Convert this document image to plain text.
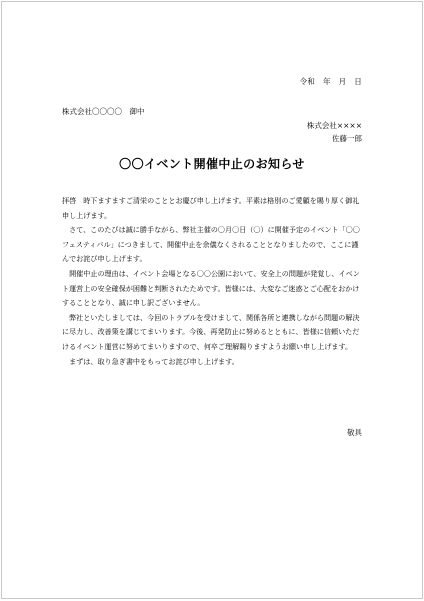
令和　年　月　日
株式会社〇〇〇〇　御中
株式会社××××
佐藤一郎
〇〇イベント開催中止のお知らせ

拝啓　時下ますますご清栄のこととお慶び申し上げます。平素は格別のご愛顧を賜り厚く御礼申し上げます。

さて、このたびは誠に勝手ながら、弊社主催の〇月〇日（〇）に開催予定のイベント「〇〇フェスティバル」につきまして、開催中止を余儀なくされることとなりましたので、ここに謹んでお詫び申し上げます。

開催中止の理由は、イベント会場となる〇〇公園において、安全上の問題が発覚し、イベント運営上の安全確保が困難と判断されたためです。皆様には、大変なご迷惑とご心配をおかけすることとなり、誠に申し訳ございません。

弊社といたしましては、今回のトラブルを受けまして、関係各所と連携しながら問題の解決に尽力し、改善策を講じてまいります。今後、再発防止に努めるとともに、皆様に信頼いただけるイベント運営に努めてまいりますので、何卒ご理解賜りますようお願い申し上げます。

まずは、取り急ぎ書中をもってお詫び申し上げます。

敬具
